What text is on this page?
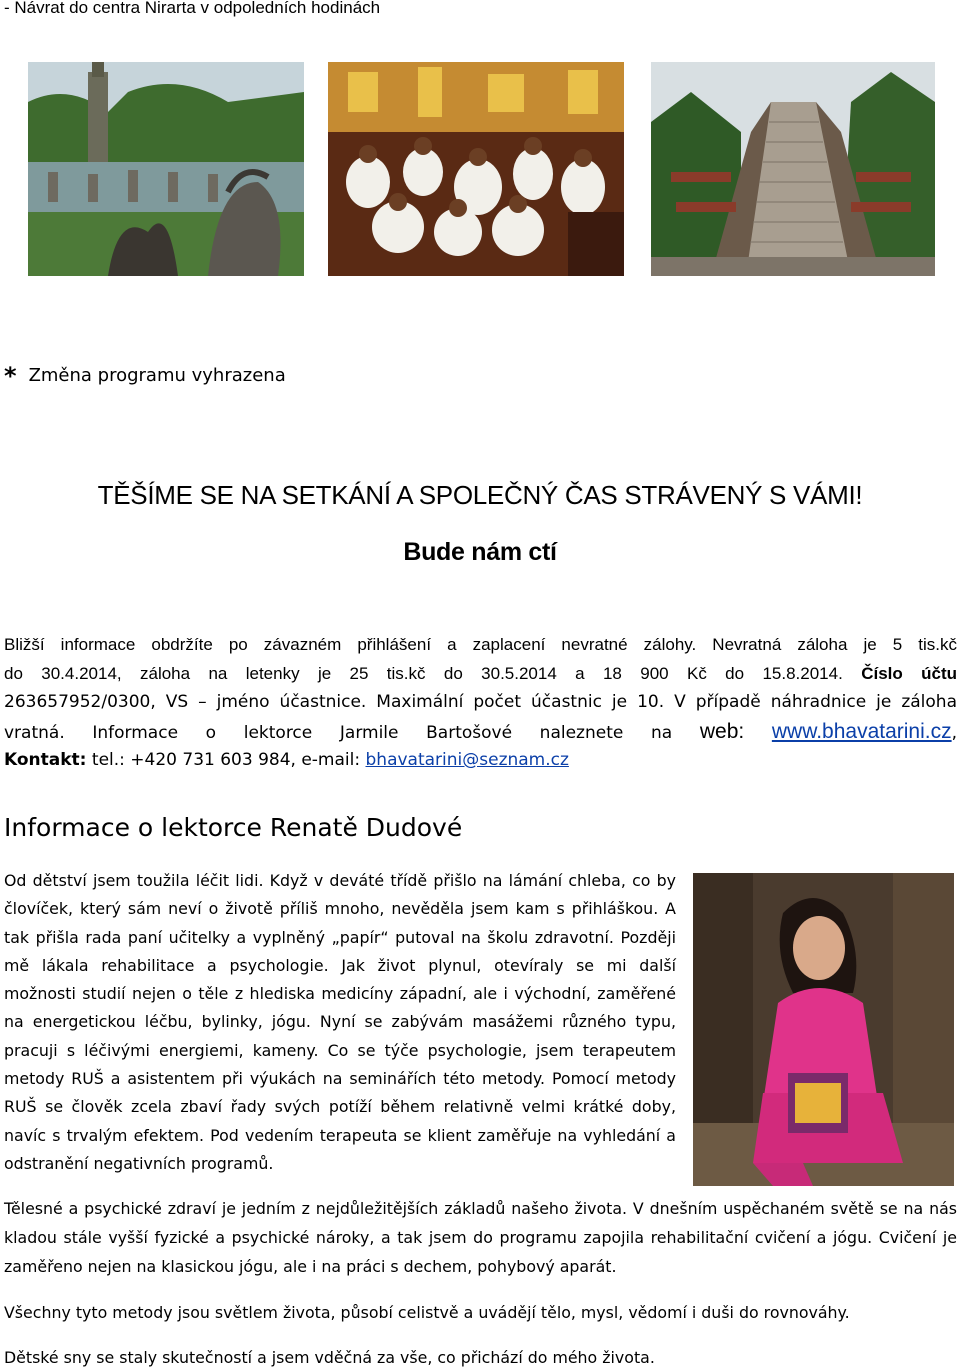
- Návrat do centra Nirarta v odpoledních hodinách
* Změna programu vyhrazena
TĚŠÍME SE NA SETKÁNÍ A SPOLEČNÝ ČAS STRÁVENÝ S VÁMI!
Bude nám ctí
Bližší informace obdržíte po závazném přihlášení a zaplacení nevratné zálohy. Nevratná záloha je 5 tis.kč
do 30.4.2014, záloha na letenky je 25 tis.kč do 30.5.2014 a 18 900 Kč do 15.8.2014. Číslo účtu
263657952/0300, VS – jméno účastnice. Maximální počet účastnic je 10. V případě náhradnice je záloha
vratná. Informace o lektorce Jarmile Bartošové naleznete na web: www.bhavatarini.cz,
Kontakt: tel.: +420 731 603 984, e-mail: bhavatarini@seznam.cz
Informace o lektorce Renatě Dudové
Od dětství jsem toužila léčit lidi. Když v deváté třídě přišlo na lámání chleba, co by
človíček, který sám neví o životě příliš mnoho, nevěděla jsem kam s přihláškou. A
tak přišla rada paní učitelky a vyplněný „papír“ putoval na školu zdravotní. Později
mě lákala rehabilitace a psychologie. Jak život plynul, otevíraly se mi další
možnosti studií nejen o těle z hlediska medicíny západní, ale i východní, zaměřené
na energetickou léčbu, bylinky, jógu. Nyní se zabývám masážemi různého typu,
pracuji s léčivými energiemi, kameny. Co se týče psychologie, jsem terapeutem
metody RUŠ a asistentem při výukách na seminářích této metody. Pomocí metody
RUŠ se člověk zcela zbaví řady svých potíží během relativně velmi krátké doby,
navíc s trvalým efektem. Pod vedením terapeuta se klient zaměřuje na vyhledání a
odstranění negativních programů.
Tělesné a psychické zdraví je jedním z nejdůležitějších základů našeho života. V dnešním uspěchaném světě se na nás
kladou stále vyšší fyzické a psychické nároky, a tak jsem do programu zapojila rehabilitační cvičení a jógu. Cvičení je
zaměřeno nejen na klasickou jógu, ale i na práci s dechem, pohybový aparát.
Všechny tyto metody jsou světlem života, působí celistvě a uvádějí tělo, mysl, vědomí i duši do rovnováhy.
Dětské sny se staly skutečností a jsem vděčná za vše, co přichází do mého života.
